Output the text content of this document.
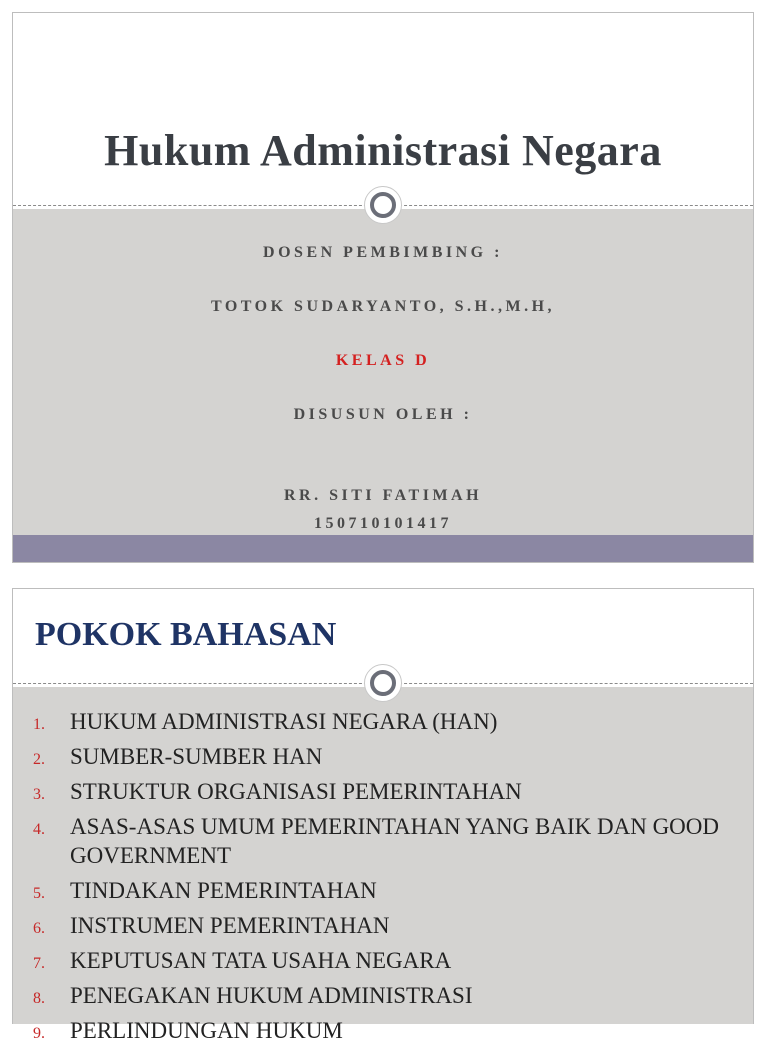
Hukum Administrasi Negara

DOSEN PEMBIMBING :

TOTOK SUDARYANTO, S.H.,M.H,

KELAS D

DISUSUN OLEH :

RR. SITI FATIMAH

150710101417

POKOK BAHASAN
1. HUKUM ADMINISTRASI NEGARA (HAN)
2. SUMBER-SUMBER HAN
3. STRUKTUR ORGANISASI PEMERINTAHAN
4. ASAS-ASAS UMUM PEMERINTAHAN YANG BAIK DAN GOOD GOVERNMENT
5. TINDAKAN PEMERINTAHAN
6. INSTRUMEN PEMERINTAHAN
7. KEPUTUSAN TATA USAHA NEGARA
8. PENEGAKAN HUKUM ADMINISTRASI
9. PERLINDUNGAN HUKUM
